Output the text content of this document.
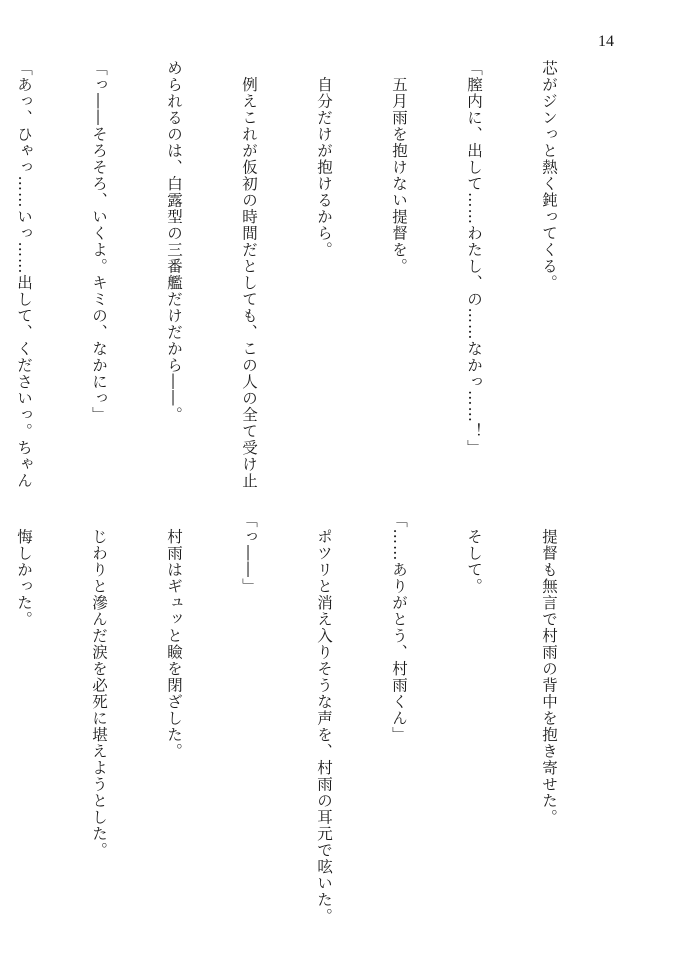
14

芯がジンっと熱く鈍ってくる。

「膣内に、出して……わたし、の……なかっ……！」

　五月雨を抱けない提督を。

　自分だけが抱けるから。

　例えこれが仮初の時間だとしても、この人の全て受け止

められるのは、白露型の三番艦だけだから――。

「っ――そろそろ、いくよ。キミの、なかにっ」

「あっ、ひゃっ……いっ……出して、くださいっ。ちゃん

　提督も無言で村雨の背中を抱き寄せた。

　そして。

「……ありがとう、村雨くん」

　ポツリと消え入りそうな声を、村雨の耳元で呟いた。

「っ――」

　村雨はギュッと瞼を閉ざした。

　じわりと滲んだ涙を必死に堪えようとした。

　悔しかった。
